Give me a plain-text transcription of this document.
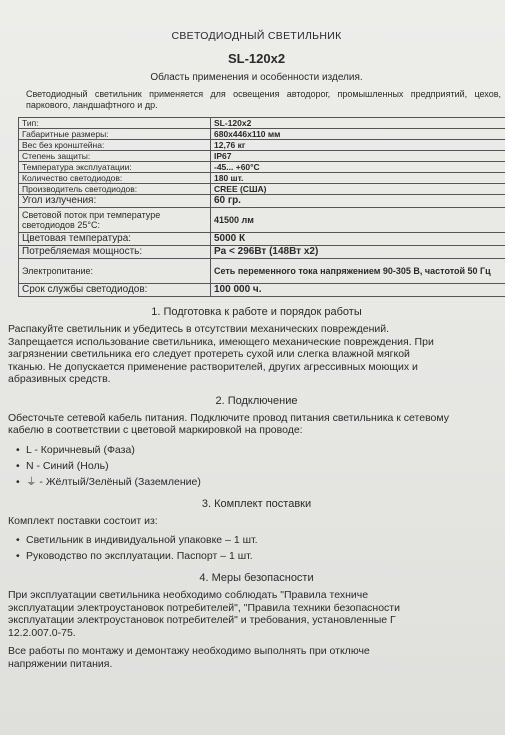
СВЕТОДИОДНЫЙ СВЕТИЛЬНИК

SL-120x2

Область применения и особенности изделия.

Светодиодный светильник применяется для освещения автодорог, промышленных предприятий, цехов, паркового, ландшафтного и др.

Тип:	SL-120x2
Габаритные размеры:	680x446x110 мм
Вес без кронштейна:	12,76 кг
Степень защиты:	IP67
Температура эксплуатации:	-45... +60°С
Количество светодиодов:	180 шт.
Производитель светодиодов:	CREE (США)
Угол излучения:	60 гр.
Световой поток при температуре светодиодов 25°С:	41500 лм
Цветовая температура:	5000 К
Потребляемая мощность:	Pa < 296Вт (148Вт x2)
Электропитание:	Сеть переменного тока напряжением 90-305 В, частотой 50 Гц
Срок службы светодиодов:	100 000 ч.

1. Подготовка к работе и порядок работы

Распакуйте светильник и убедитесь в отсутствии механических повреждений.

Запрещается использование светильника, имеющего механические повреждения. При

загрязнении светильника его следует протереть сухой или слегка влажной мягкой

тканью. Не допускается применение растворителей, других агрессивных моющих и

абразивных средств.

2. Подключение

Обесточьте сетевой кабель питания. Подключите провод питания светильника к сетевому

кабелю в соответствии с цветовой маркировкой на проводе:

• L - Коричневый (Фаза)

• N - Синий (Ноль)

• ⏚ - Жёлтый/Зелёный (Заземление)

3. Комплект поставки

Комплект поставки состоит из:

• Светильник в индивидуальной упаковке – 1 шт.

• Руководство по эксплуатации. Паспорт – 1 шт.

4. Меры безопасности

При эксплуатации светильника необходимо соблюдать "Правила техниче

эксплуатации электроустановок потребителей", "Правила техники безопасности

эксплуатации электроустановок потребителей" и требования, установленные Г

12.2.007.0-75.

Все работы по монтажу и демонтажу необходимо выполнять при отключе

напряжении питания.
